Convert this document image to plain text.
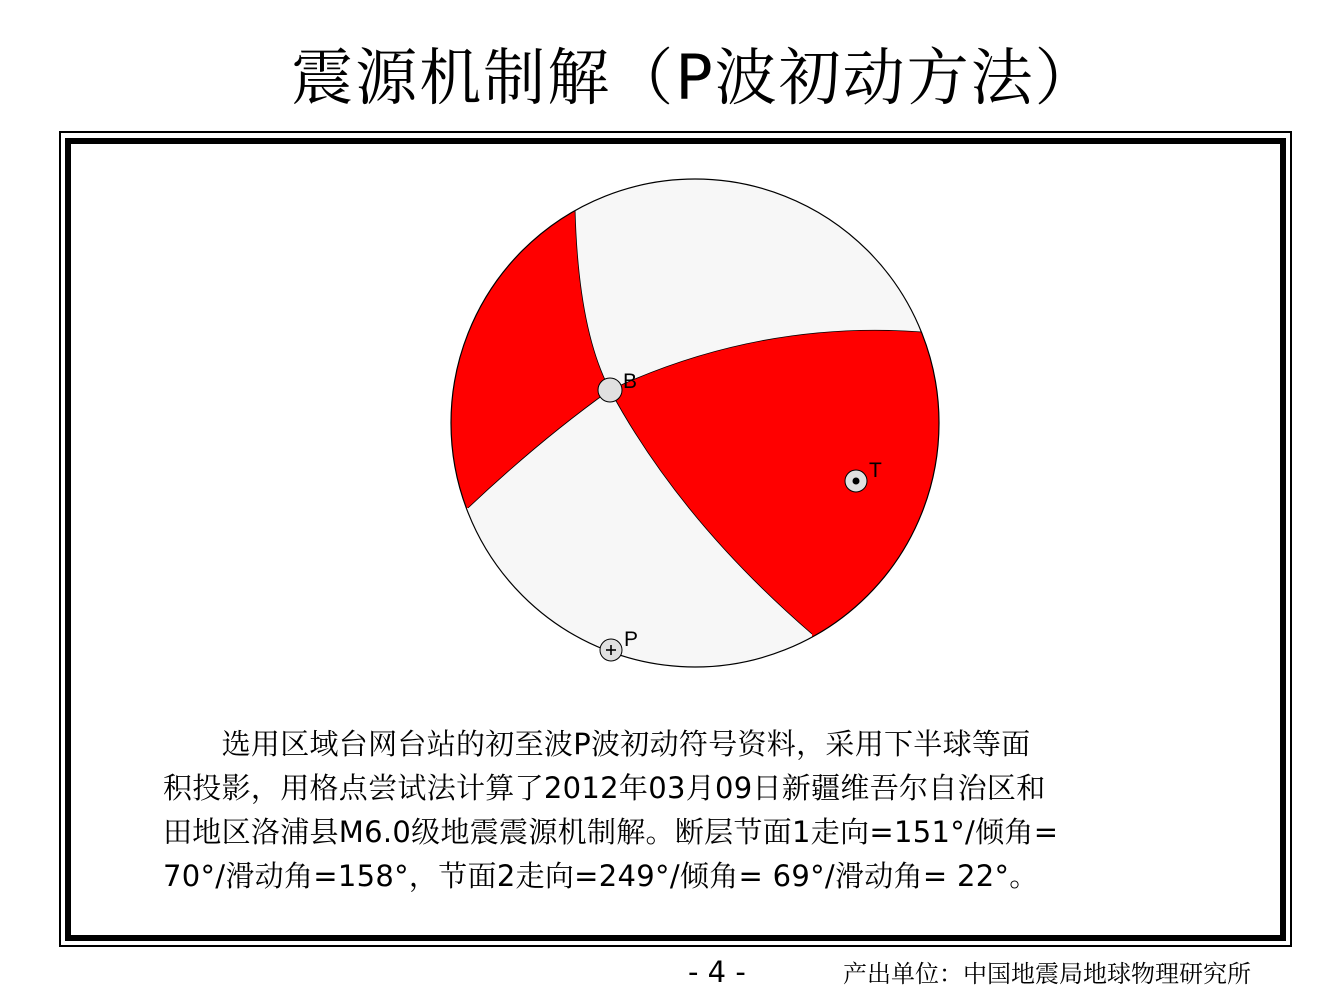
震源机制解（P波初动方法）
B
T
P
　　选用区域台网台站的初至波P波初动符号资料，采用下半球等面
积投影，用格点尝试法计算了2012年03月09日新疆维吾尔自治区和
田地区洛浦县M6.0级地震震源机制解。断层节面1走向=151°/倾角=
70°/滑动角=158°，节面2走向=249°/倾角= 69°/滑动角= 22°。
- 4 -	产出单位：中国地震局地球物理研究所
